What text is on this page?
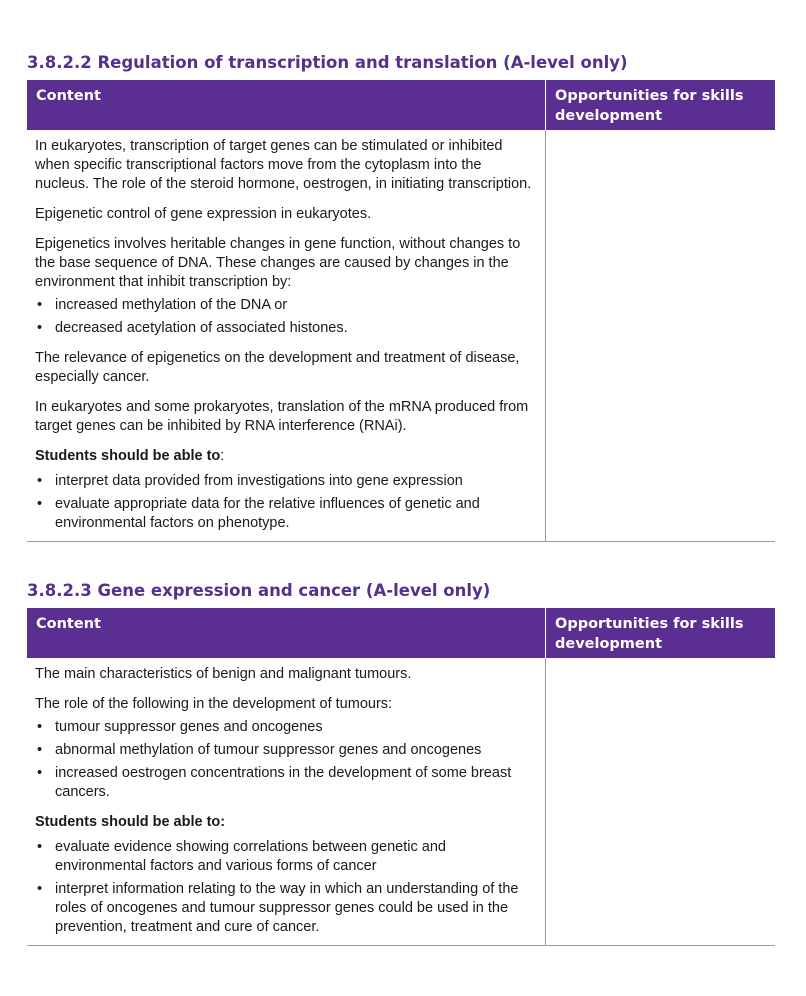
3.8.2.2 Regulation of transcription and translation (A-level only)
Content	Opportunities for skills development

In eukaryotes, transcription of target genes can be stimulated or inhibited when specific transcriptional factors move from the cytoplasm into the nucleus. The role of the steroid hormone, oestrogen, in initiating transcription.

Epigenetic control of gene expression in eukaryotes.

Epigenetics involves heritable changes in gene function, without changes to the base sequence of DNA. These changes are caused by changes in the environment that inhibit transcription by:

• increased methylation of the DNA or
• decreased acetylation of associated histones.

The relevance of epigenetics on the development and treatment of disease, especially cancer.

In eukaryotes and some prokaryotes, translation of the mRNA produced from target genes can be inhibited by RNA interference (RNAi).

Students should be able to:

• interpret data provided from investigations into gene expression
• evaluate appropriate data for the relative influences of genetic and environmental factors on phenotype.
3.8.2.3 Gene expression and cancer (A-level only)
Content	Opportunities for skills development

The main characteristics of benign and malignant tumours.

The role of the following in the development of tumours:

• tumour suppressor genes and oncogenes
• abnormal methylation of tumour suppressor genes and oncogenes
• increased oestrogen concentrations in the development of some breast cancers.

Students should be able to:

• evaluate evidence showing correlations between genetic and environmental factors and various forms of cancer
• interpret information relating to the way in which an understanding of the roles of oncogenes and tumour suppressor genes could be used in the prevention, treatment and cure of cancer.
